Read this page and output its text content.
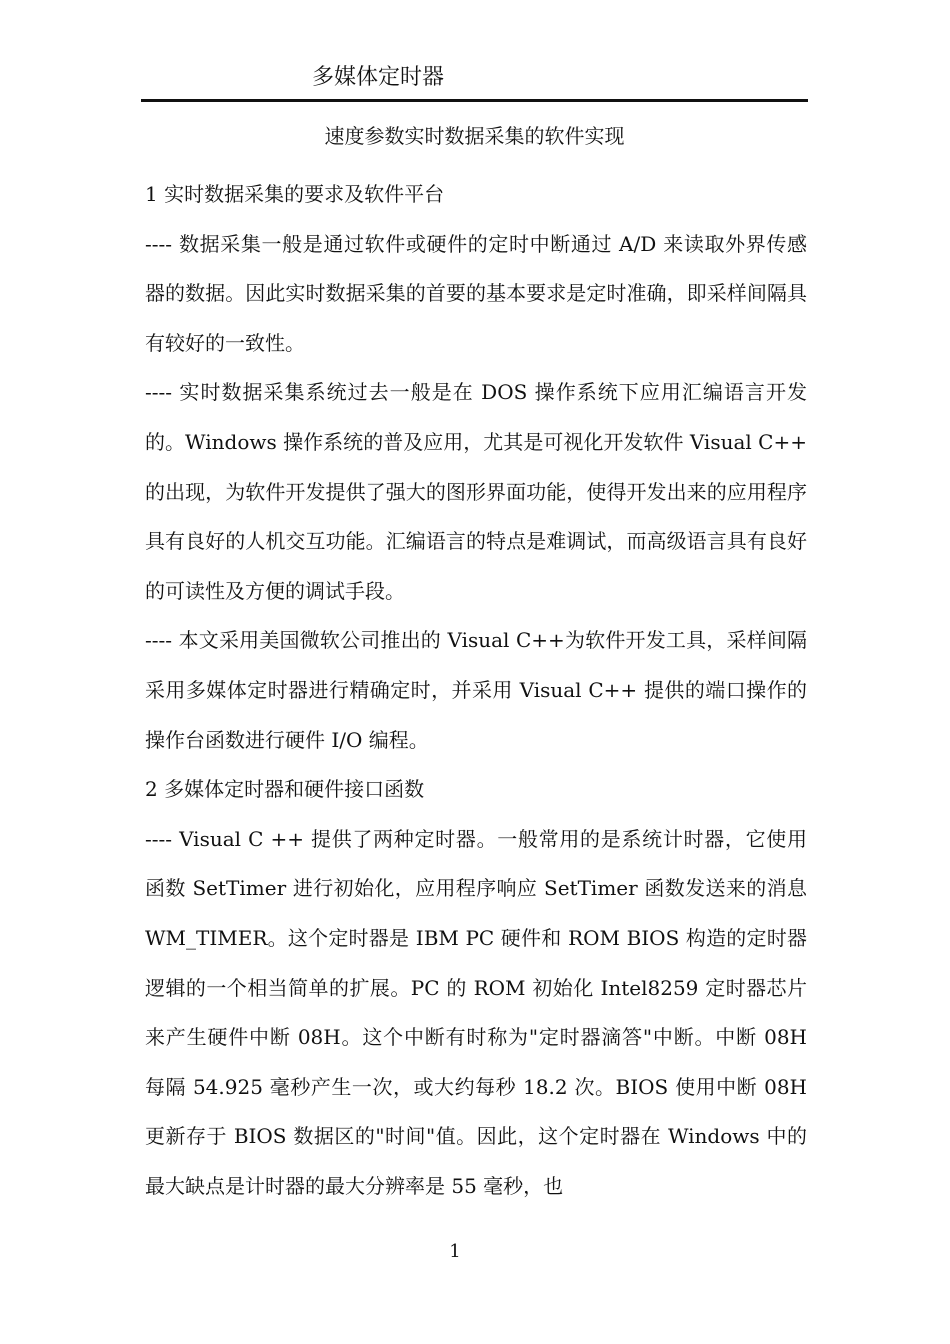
多媒体定时器
速度参数实时数据采集的软件实现

1 实时数据采集的要求及软件平台

---- 数据采集一般是通过软件或硬件的定时中断通过 A/D 来读取外界传感器的数据。因此实时数据采集的首要的基本要求是定时准确，即采样间隔具有较好的一致性。

---- 实时数据采集系统过去一般是在 DOS 操作系统下应用汇编语言开发的。Windows 操作系统的普及应用，尤其是可视化开发软件 Visual C++ 的出现，为软件开发提供了强大的图形界面功能，使得开发出来的应用程序具有良好的人机交互功能。汇编语言的特点是难调试，而高级语言具有良好的可读性及方便的调试手段。

---- 本文采用美国微软公司推出的 Visual C++为软件开发工具，采样间隔采用多媒体定时器进行精确定时，并采用 Visual C++ 提供的端口操作的操作台函数进行硬件 I/O 编程。

2 多媒体定时器和硬件接口函数

---- Visual C ++ 提供了两种定时器。一般常用的是系统计时器，它使用函数 SetTimer 进行初始化，应用程序响应 SetTimer 函数发送来的消息 WM_TIMER。这个定时器是 IBM PC 硬件和 ROM BIOS 构造的定时器逻辑的一个相当简单的扩展。PC 的 ROM 初始化 Intel8259 定时器芯片来产生硬件中断 08H。这个中断有时称为"定时器滴答"中断。中断 08H 每隔 54.925 毫秒产生一次，或大约每秒 18.2 次。BIOS 使用中断 08H 更新存于 BIOS 数据区的"时间"值。因此，这个定时器在 Windows 中的最大缺点是计时器的最大分辨率是 55 毫秒，也

1
